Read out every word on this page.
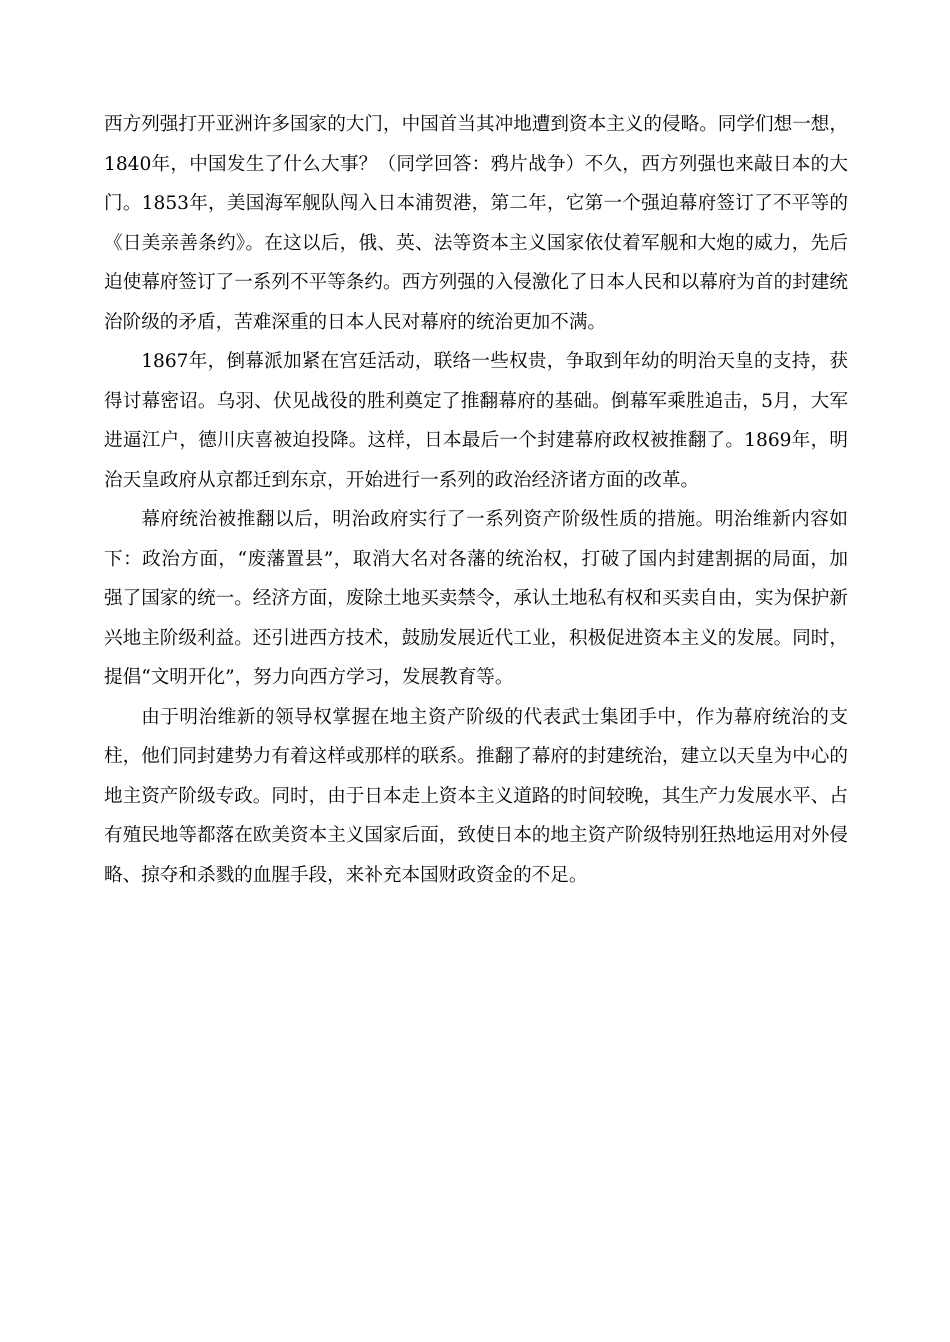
西方列强打开亚洲许多国家的大门，中国首当其冲地遭到资本主义的侵略。同学们想一想，1840年，中国发生了什么大事？（同学回答：鸦片战争）不久，西方列强也来敲日本的大门。1853年，美国海军舰队闯入日本浦贺港，第二年，它第一个强迫幕府签订了不平等的《日美亲善条约》。在这以后，俄、英、法等资本主义国家依仗着军舰和大炮的威力，先后迫使幕府签订了一系列不平等条约。西方列强的入侵激化了日本人民和以幕府为首的封建统治阶级的矛盾，苦难深重的日本人民对幕府的统治更加不满。

1867年，倒幕派加紧在宫廷活动，联络一些权贵，争取到年幼的明治天皇的支持，获得讨幕密诏。乌羽、伏见战役的胜利奠定了推翻幕府的基础。倒幕军乘胜追击，5月，大军进逼江户，德川庆喜被迫投降。这样，日本最后一个封建幕府政权被推翻了。1869年，明治天皇政府从京都迁到东京，开始进行一系列的政治经济诸方面的改革。

幕府统治被推翻以后，明治政府实行了一系列资产阶级性质的措施。明治维新内容如下：政治方面，“废藩置县”，取消大名对各藩的统治权，打破了国内封建割据的局面，加强了国家的统一。经济方面，废除土地买卖禁令，承认土地私有权和买卖自由，实为保护新兴地主阶级利益。还引进西方技术，鼓励发展近代工业，积极促进资本主义的发展。同时，提倡“文明开化”，努力向西方学习，发展教育等。

由于明治维新的领导权掌握在地主资产阶级的代表武士集团手中，作为幕府统治的支柱，他们同封建势力有着这样或那样的联系。推翻了幕府的封建统治，建立以天皇为中心的地主资产阶级专政。同时，由于日本走上资本主义道路的时间较晚，其生产力发展水平、占有殖民地等都落在欧美资本主义国家后面，致使日本的地主资产阶级特别狂热地运用对外侵略、掠夺和杀戮的血腥手段，来补充本国财政资金的不足。
